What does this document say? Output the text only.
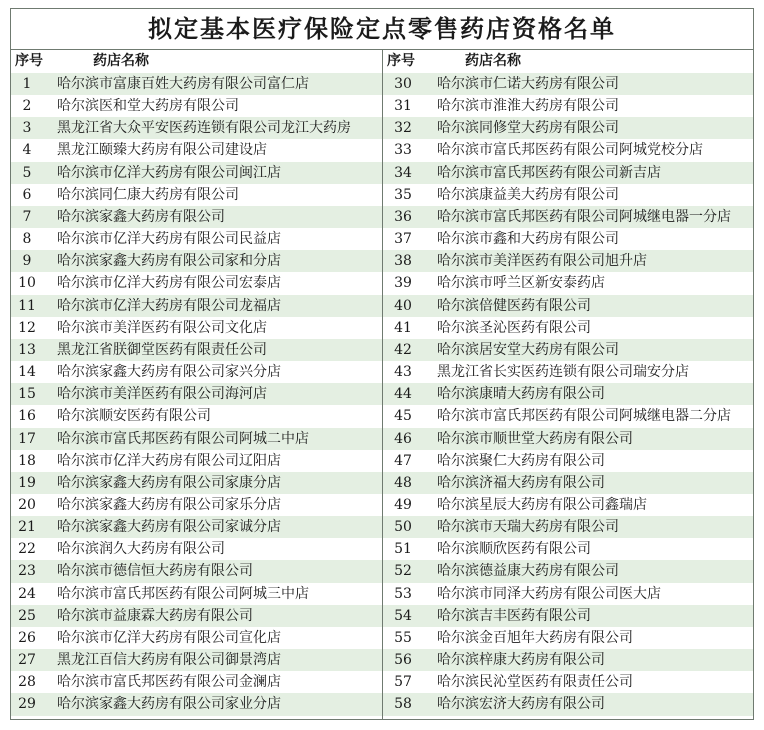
拟定基本医疗保险定点零售药店资格名单
序号	药店名称
1	哈尔滨市富康百姓大药房有限公司富仁店
2	哈尔滨医和堂大药房有限公司
3	黑龙江省大众平安医药连锁有限公司龙江大药房
4	黑龙江颐臻大药房有限公司建设店
5	哈尔滨市亿洋大药房有限公司闽江店
6	哈尔滨同仁康大药房有限公司
7	哈尔滨家鑫大药房有限公司
8	哈尔滨市亿洋大药房有限公司民益店
9	哈尔滨家鑫大药房有限公司家和分店
10	哈尔滨市亿洋大药房有限公司宏泰店
11	哈尔滨市亿洋大药房有限公司龙福店
12	哈尔滨市美洋医药有限公司文化店
13	黑龙江省朕御堂医药有限责任公司
14	哈尔滨家鑫大药房有限公司家兴分店
15	哈尔滨市美洋医药有限公司海河店
16	哈尔滨顺安医药有限公司
17	哈尔滨市富氏邦医药有限公司阿城二中店
18	哈尔滨市亿洋大药房有限公司辽阳店
19	哈尔滨家鑫大药房有限公司家康分店
20	哈尔滨家鑫大药房有限公司家乐分店
21	哈尔滨家鑫大药房有限公司家诚分店
22	哈尔滨润久大药房有限公司
23	哈尔滨市德信恒大药房有限公司
24	哈尔滨市富氏邦医药有限公司阿城三中店
25	哈尔滨市益康霖大药房有限公司
26	哈尔滨市亿洋大药房有限公司宣化店
27	黑龙江百信大药房有限公司御景湾店
28	哈尔滨市富氏邦医药有限公司金澜店
29	哈尔滨家鑫大药房有限公司家业分店
序号	药店名称
30	哈尔滨市仁诺大药房有限公司
31	哈尔滨市淮淮大药房有限公司
32	哈尔滨同修堂大药房有限公司
33	哈尔滨市富氏邦医药有限公司阿城党校分店
34	哈尔滨市富氏邦医药有限公司新吉店
35	哈尔滨康益美大药房有限公司
36	哈尔滨市富氏邦医药有限公司阿城继电器一分店
37	哈尔滨市鑫和大药房有限公司
38	哈尔滨市美洋医药有限公司旭升店
39	哈尔滨市呼兰区新安泰药店
40	哈尔滨倍健医药有限公司
41	哈尔滨圣沁医药有限公司
42	哈尔滨居安堂大药房有限公司
43	黑龙江省长实医药连锁有限公司瑞安分店
44	哈尔滨康晴大药房有限公司
45	哈尔滨市富氏邦医药有限公司阿城继电器二分店
46	哈尔滨市顺世堂大药房有限公司
47	哈尔滨聚仁大药房有限公司
48	哈尔滨济福大药房有限公司
49	哈尔滨星辰大药房有限公司鑫瑞店
50	哈尔滨市天瑞大药房有限公司
51	哈尔滨顺欣医药有限公司
52	哈尔滨德益康大药房有限公司
53	哈尔滨市同泽大药房有限公司医大店
54	哈尔滨吉丰医药有限公司
55	哈尔滨金百旭年大药房有限公司
56	哈尔滨梓康大药房有限公司
57	哈尔滨民沁堂医药有限责任公司
58	哈尔滨宏济大药房有限公司
